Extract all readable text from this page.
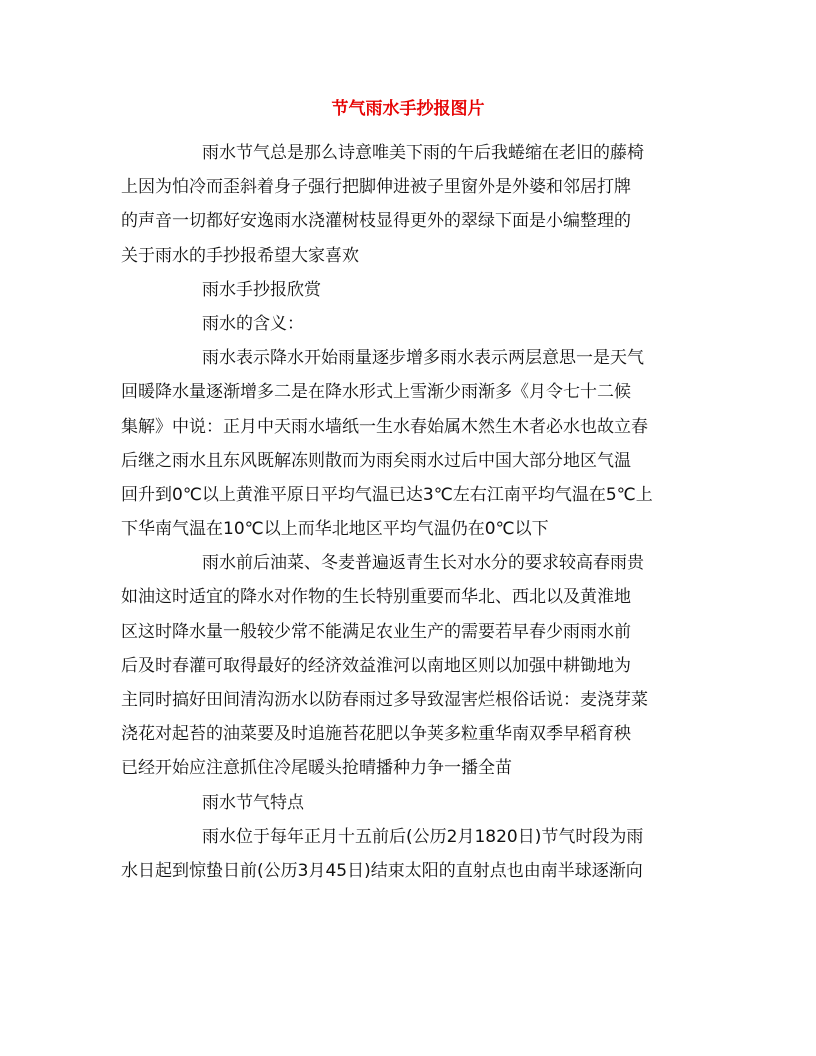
节气雨水手抄报图片
雨水节气总是那么诗意唯美下雨的午后我蜷缩在老旧的藤椅
上因为怕冷而歪斜着身子强行把脚伸进被子里窗外是外婆和邻居打牌
的声音一切都好安逸雨水浇灌树枝显得更外的翠绿下面是小编整理的
关于雨水的手抄报希望大家喜欢
雨水手抄报欣赏
雨水的含义：
雨水表示降水开始雨量逐步增多雨水表示两层意思一是天气
回暖降水量逐渐增多二是在降水形式上雪渐少雨渐多《月令七十二候
集解》中说：正月中天雨水墙纸一生水春始属木然生木者必水也故立春
后继之雨水且东风既解冻则散而为雨矣雨水过后中国大部分地区气温
回升到0℃以上黄淮平原日平均气温已达3℃左右江南平均气温在5℃上
下华南气温在10℃以上而华北地区平均气温仍在0℃以下
雨水前后油菜、冬麦普遍返青生长对水分的要求较高春雨贵
如油这时适宜的降水对作物的生长特别重要而华北、西北以及黄淮地
区这时降水量一般较少常不能满足农业生产的需要若早春少雨雨水前
后及时春灌可取得最好的经济效益淮河以南地区则以加强中耕锄地为
主同时搞好田间清沟沥水以防春雨过多导致湿害烂根俗话说：麦浇芽菜
浇花对起苔的油菜要及时追施苔花肥以争荚多粒重华南双季早稻育秧
已经开始应注意抓住冷尾暖头抢晴播种力争一播全苗
雨水节气特点
雨水位于每年正月十五前后(公历2月1820日)节气时段为雨
水日起到惊蛰日前(公历3月45日)结束太阳的直射点也由南半球逐渐向
